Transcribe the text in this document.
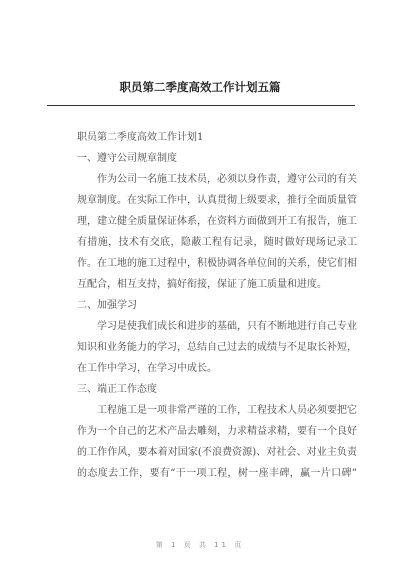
职员第二季度高效工作计划五篇

职员第二季度高效工作计划1

一、遵守公司规章制度

作为公司一名施工技术员，必须以身作责，遵守公司的有关

规章制度。在实际工作中，认真贯彻上级要求，推行全面质量管

理，建立健全质量保证体系，在资料方面做到开工有报告，施工

有措施，技术有交底，隐蔽工程有记录，随时做好现场记录工

作。在工地的施工过程中，积极协调各单位间的关系，使它们相

互配合，相互支持，搞好衔接，保证了施工质量和进度。

二、加强学习

学习是使我们成长和进步的基础，只有不断地进行自己专业

知识和业务能力的学习，总结自己过去的成绩与不足取长补短，

在工作中学习，在学习中成长。

三、端正工作态度

工程施工是一项非常严谨的工作，工程技术人员必须要把它

作为一个自己的艺术产品去雕刻，力求精益求精，要有一个良好

的工作作风，要本着对国家(不浪费资源)、对社会、对业主负责

的态度去工作，要有“干一项工程，树一座丰碑，赢一片口碑”

第 1 页 共 11 页
